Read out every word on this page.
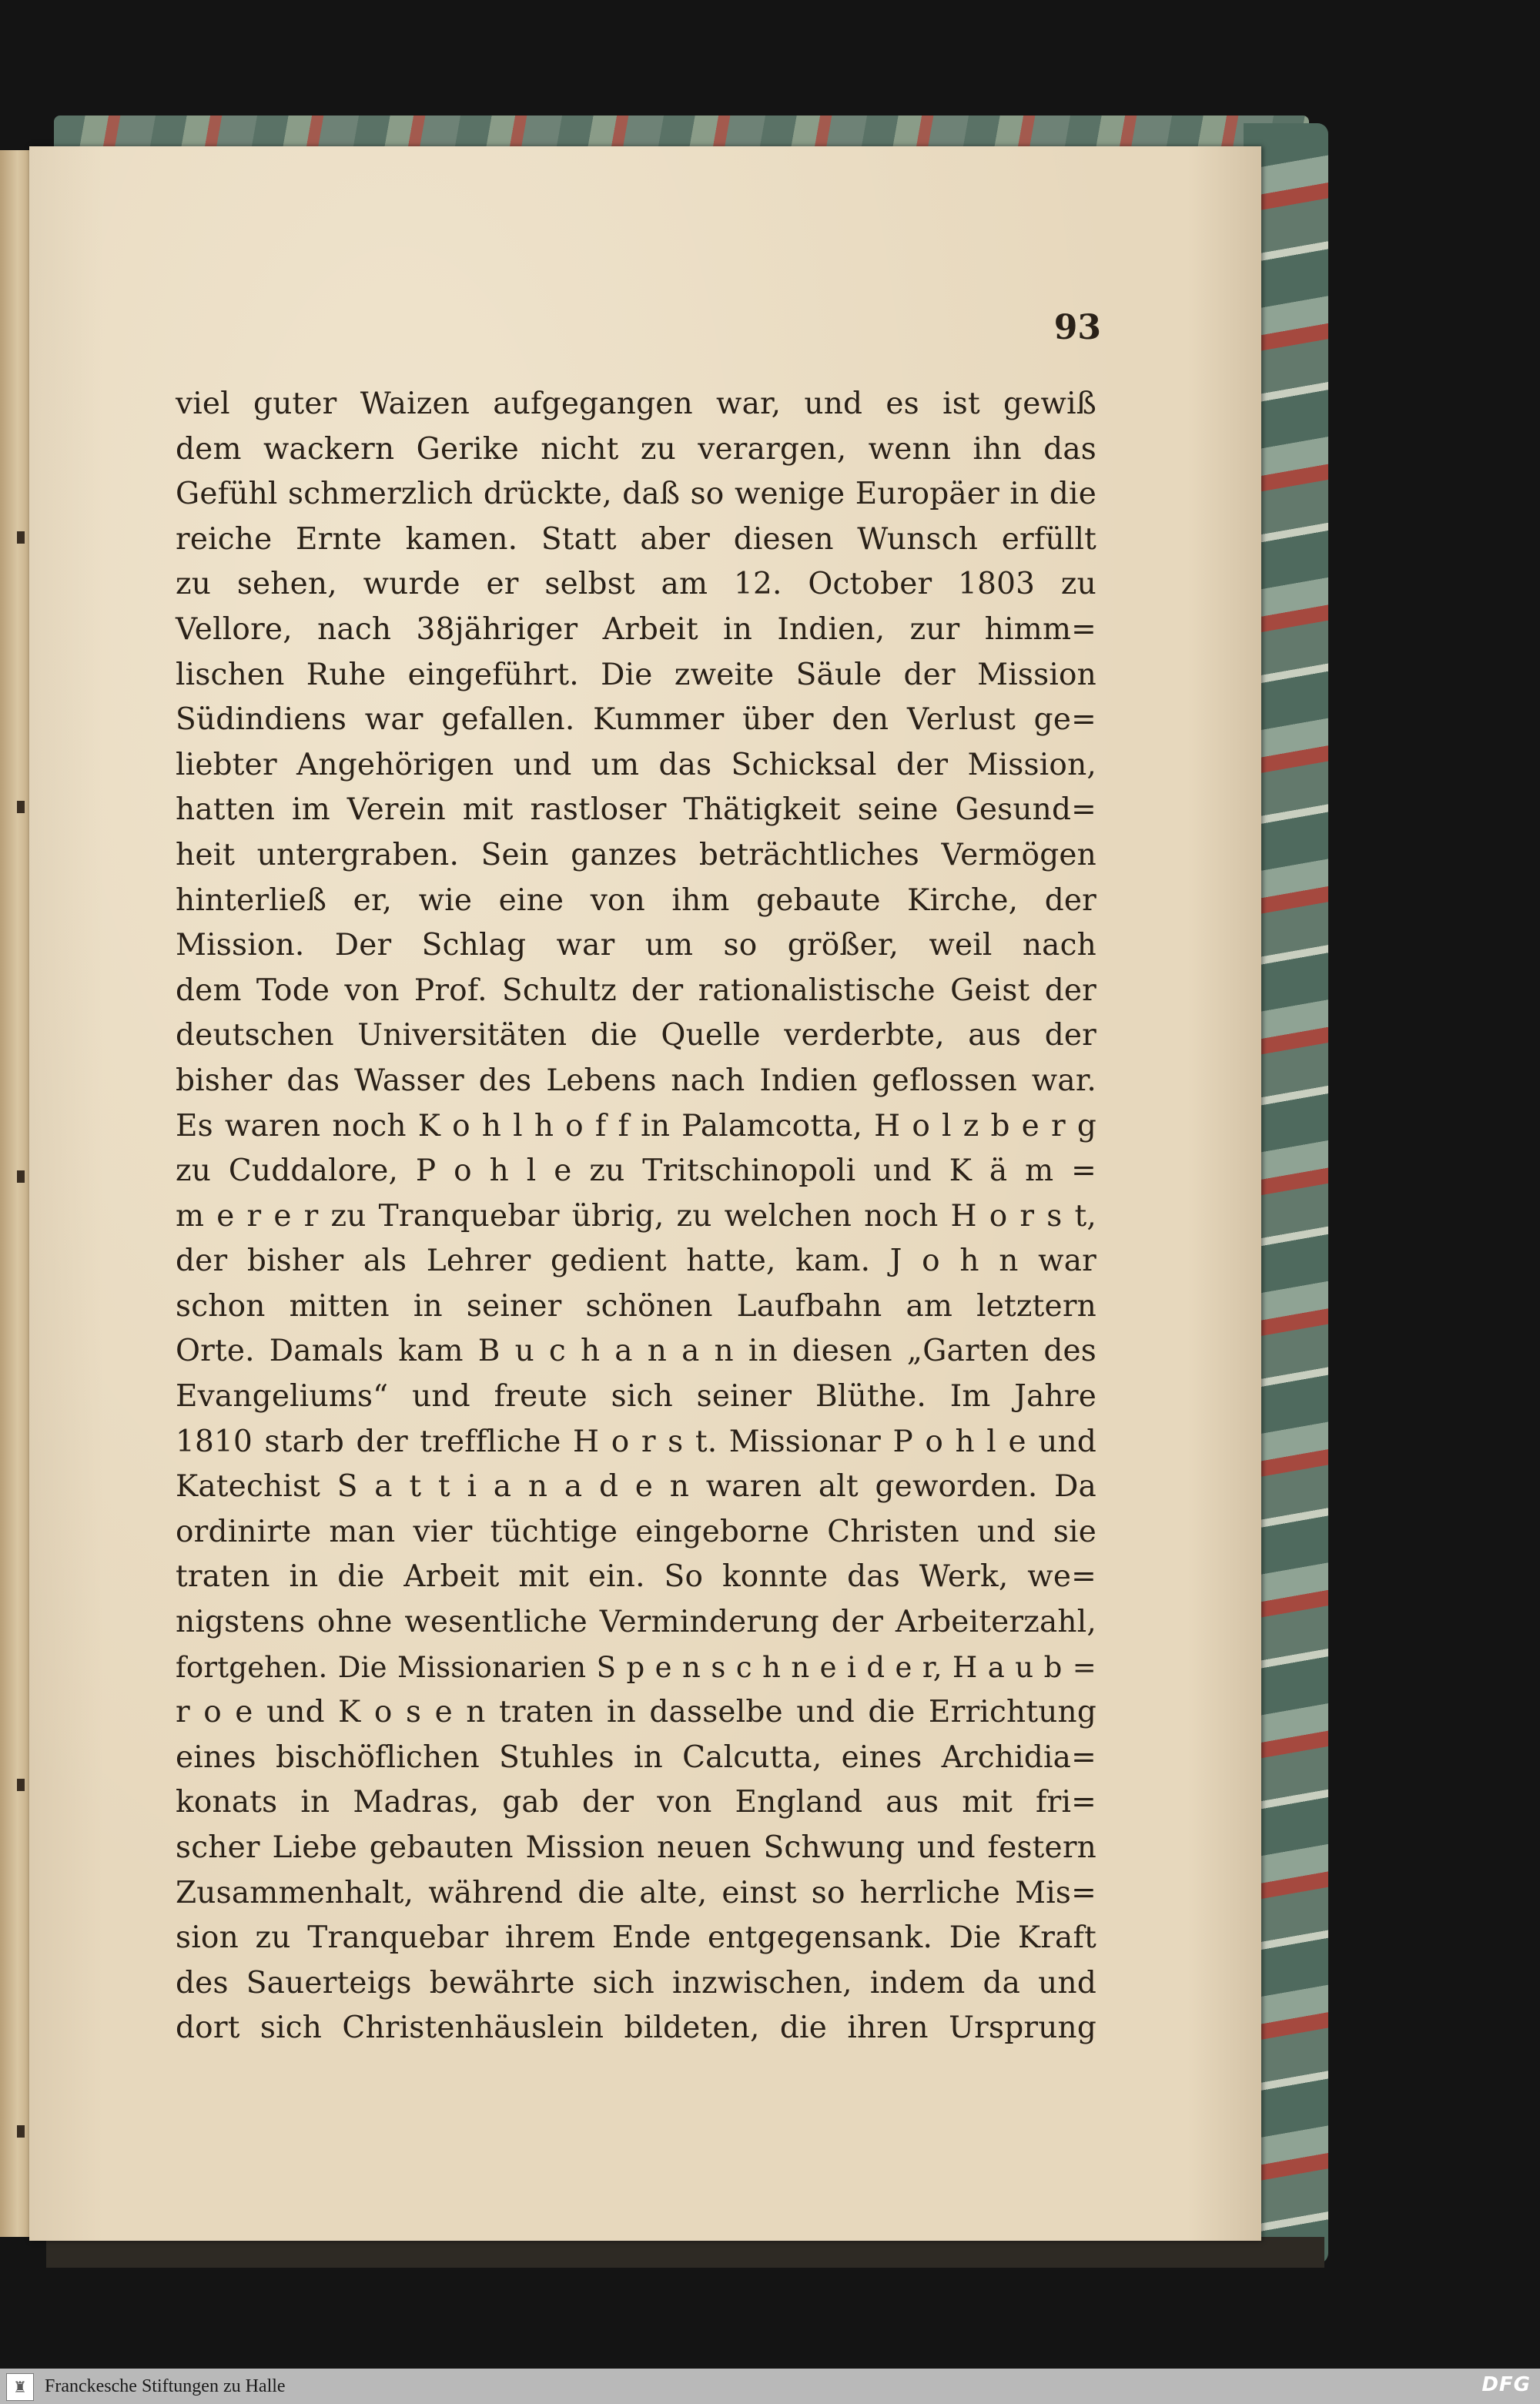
93
viel guter Waizen aufgegangen war, und es ist gewiß
dem wackern Gerike nicht zu verargen, wenn ihn das
Gefühl schmerzlich drückte, daß so wenige Europäer in die
reiche Ernte kamen. Statt aber diesen Wunsch erfüllt
zu sehen, wurde er selbst am 12. October 1803 zu
Vellore, nach 38jähriger Arbeit in Indien, zur himm=
lischen Ruhe eingeführt. Die zweite Säule der Mission
Südindiens war gefallen. Kummer über den Verlust ge=
liebter Angehörigen und um das Schicksal der Mission,
hatten im Verein mit rastloser Thätigkeit seine Gesund=
heit untergraben. Sein ganzes beträchtliches Vermögen
hinterließ er, wie eine von ihm gebaute Kirche, der
Mission. Der Schlag war um so größer, weil nach
dem Tode von Prof. Schultz der rationalistische Geist der
deutschen Universitäten die Quelle verderbte, aus der
bisher das Wasser des Lebens nach Indien geflossen war.
Es waren noch K o h l h o f f in Palamcotta, H o l z b e r g
zu Cuddalore, P o h l e zu Tritschinopoli und K ä m =
m e r e r zu Tranquebar übrig, zu welchen noch H o r s t,
der bisher als Lehrer gedient hatte, kam. J o h n war
schon mitten in seiner schönen Laufbahn am letztern
Orte. Damals kam B u c h a n a n in diesen „Garten des
Evangeliums“ und freute sich seiner Blüthe. Im Jahre
1810 starb der treffliche H o r s t. Missionar P o h l e und
Katechist S a t t i a n a d e n waren alt geworden. Da
ordinirte man vier tüchtige eingeborne Christen und sie
traten in die Arbeit mit ein. So konnte das Werk, we=
nigstens ohne wesentliche Verminderung der Arbeiterzahl,
fortgehen. Die Missionarien S p e n s c h n e i d e r, H a u b =
r o e und K o s e n traten in dasselbe und die Errichtung
eines bischöflichen Stuhles in Calcutta, eines Archidia=
konats in Madras, gab der von England aus mit fri=
scher Liebe gebauten Mission neuen Schwung und festern
Zusammenhalt, während die alte, einst so herrliche Mis=
sion zu Tranquebar ihrem Ende entgegensank. Die Kraft
des Sauerteigs bewährte sich inzwischen, indem da und
dort sich Christenhäuslein bildeten, die ihren Ursprung
♜ Franckesche Stiftungen zu Halle	DFG
